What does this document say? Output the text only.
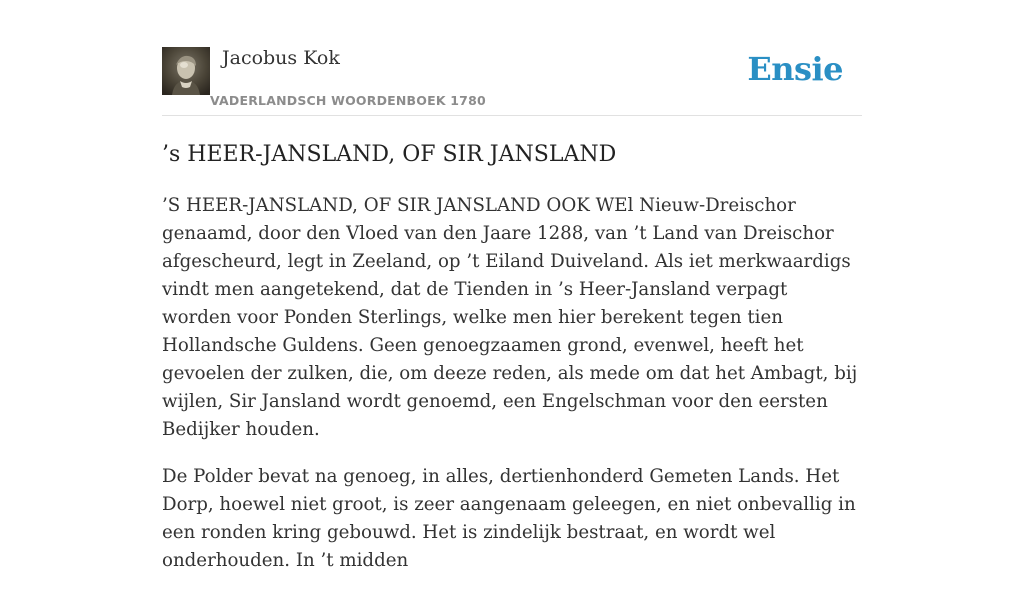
Jacobus Kok
VADERLANDSCH WOORDENBOEK 1780
Ensie
’s HEER-JANSLAND, OF SIR JANSLAND

’S HEER-JANSLAND, OF SIR JANSLAND OOK WEl Nieuw-Dreischor genaamd, door den Vloed van den Jaare 1288, van ’t Land van Dreischor afgescheurd, legt in Zeeland, op ’t Eiland Duiveland. Als iet merkwaardigs vindt men aangetekend, dat de Tienden in ’s Heer-Jansland verpagt worden voor Ponden Sterlings, welke men hier berekent tegen tien Hollandsche Guldens. Geen genoegzaamen grond, evenwel, heeft het gevoelen der zulken, die, om deeze reden, als mede om dat het Ambagt, bij wijlen, Sir Jansland wordt genoemd, een Engelschman voor den eersten Bedijker houden.

De Polder bevat na genoeg, in alles, dertienhonderd Gemeten Lands. Het Dorp, hoewel niet groot, is zeer aangenaam geleegen, en niet onbevallig in een ronden kring gebouwd. Het is zindelijk bestraat, en wordt wel onderhouden. In ’t midden
